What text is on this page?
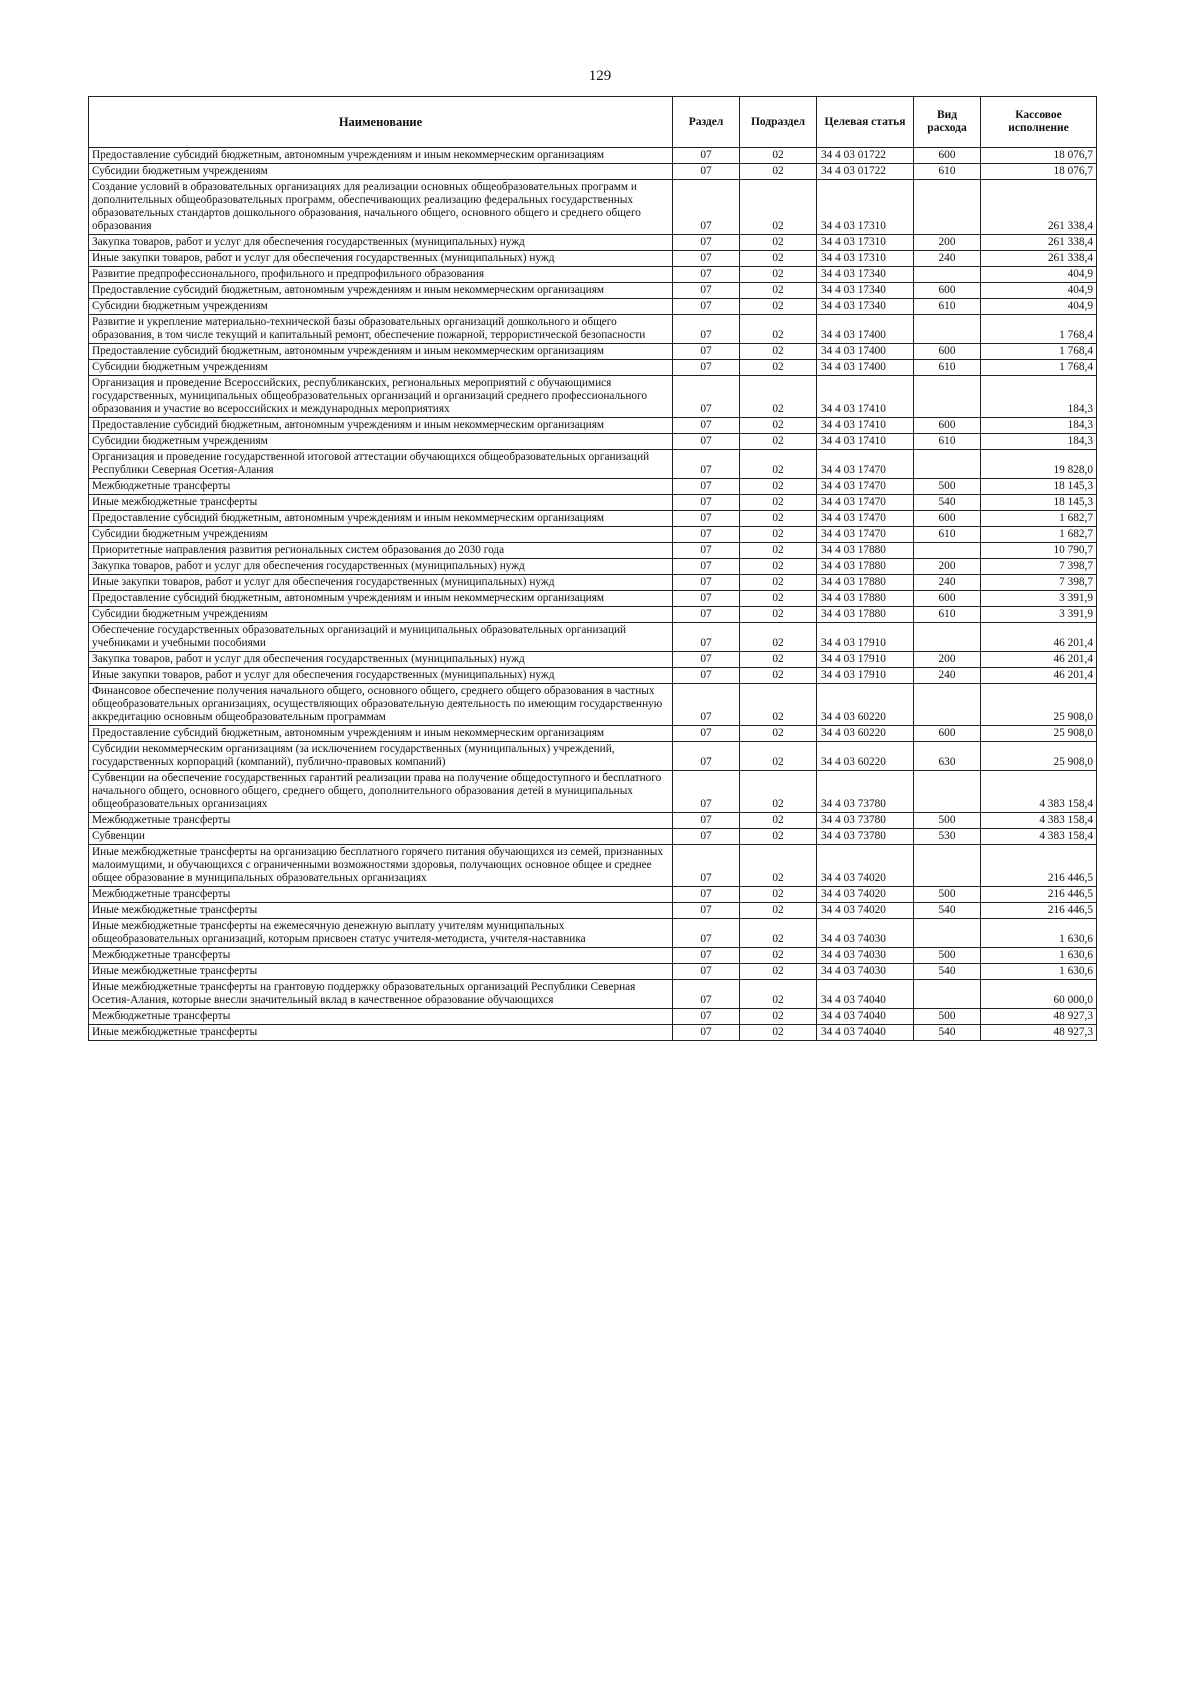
129
Наименование	Раздел	Подраздел	Целевая статья	Вид расхода	Кассовое исполнение
Предоставление субсидий бюджетным, автономным учреждениям и иным некоммерческим организациям	07	02	34 4 03 01722	600	18 076,7
Субсидии бюджетным учреждениям	07	02	34 4 03 01722	610	18 076,7
Создание условий в образовательных организациях для реализации основных общеобразовательных программ и дополнительных общеобразовательных программ, обеспечивающих реализацию федеральных государственных образовательных стандартов дошкольного образования, начального общего, основного общего и среднего общего образования	07	02	34 4 03 17310		261 338,4
Закупка товаров, работ и услуг для обеспечения государственных (муниципальных) нужд	07	02	34 4 03 17310	200	261 338,4
Иные закупки товаров, работ и услуг для обеспечения государственных (муниципальных) нужд	07	02	34 4 03 17310	240	261 338,4
Развитие предпрофессионального, профильного и предпрофильного образования	07	02	34 4 03 17340		404,9
Предоставление субсидий бюджетным, автономным учреждениям и иным некоммерческим организациям	07	02	34 4 03 17340	600	404,9
Субсидии бюджетным учреждениям	07	02	34 4 03 17340	610	404,9
Развитие и укрепление материально-технической базы образовательных организаций дошкольного и общего образования, в том числе текущий и капитальный ремонт, обеспечение пожарной, террористической безопасности	07	02	34 4 03 17400		1 768,4
Предоставление субсидий бюджетным, автономным учреждениям и иным некоммерческим организациям	07	02	34 4 03 17400	600	1 768,4
Субсидии бюджетным учреждениям	07	02	34 4 03 17400	610	1 768,4
Организация и проведение Всероссийских, республиканских, региональных мероприятий с обучающимися государственных, муниципальных общеобразовательных организаций и организаций среднего профессионального образования и участие во всероссийских и международных мероприятиях	07	02	34 4 03 17410		184,3
Предоставление субсидий бюджетным, автономным учреждениям и иным некоммерческим организациям	07	02	34 4 03 17410	600	184,3
Субсидии бюджетным учреждениям	07	02	34 4 03 17410	610	184,3
Организация и проведение государственной итоговой аттестации обучающихся общеобразовательных организаций Республики Северная Осетия-Алания	07	02	34 4 03 17470		19 828,0
Межбюджетные трансферты	07	02	34 4 03 17470	500	18 145,3
Иные межбюджетные трансферты	07	02	34 4 03 17470	540	18 145,3
Предоставление субсидий бюджетным, автономным учреждениям и иным некоммерческим организациям	07	02	34 4 03 17470	600	1 682,7
Субсидии бюджетным учреждениям	07	02	34 4 03 17470	610	1 682,7
Приоритетные направления развития региональных систем образования до 2030 года	07	02	34 4 03 17880		10 790,7
Закупка товаров, работ и услуг для обеспечения государственных (муниципальных) нужд	07	02	34 4 03 17880	200	7 398,7
Иные закупки товаров, работ и услуг для обеспечения государственных (муниципальных) нужд	07	02	34 4 03 17880	240	7 398,7
Предоставление субсидий бюджетным, автономным учреждениям и иным некоммерческим организациям	07	02	34 4 03 17880	600	3 391,9
Субсидии бюджетным учреждениям	07	02	34 4 03 17880	610	3 391,9
Обеспечение государственных образовательных организаций и муниципальных образовательных организаций учебниками и учебными пособиями	07	02	34 4 03 17910		46 201,4
Закупка товаров, работ и услуг для обеспечения государственных (муниципальных) нужд	07	02	34 4 03 17910	200	46 201,4
Иные закупки товаров, работ и услуг для обеспечения государственных (муниципальных) нужд	07	02	34 4 03 17910	240	46 201,4
Финансовое обеспечение получения начального общего, основного общего, среднего общего образования в частных общеобразовательных организациях, осуществляющих образовательную деятельность по имеющим государственную аккредитацию основным общеобразовательным программам	07	02	34 4 03 60220		25 908,0
Предоставление субсидий бюджетным, автономным учреждениям и иным некоммерческим организациям	07	02	34 4 03 60220	600	25 908,0
Субсидии некоммерческим организациям (за исключением государственных (муниципальных) учреждений, государственных корпораций (компаний), публично-правовых компаний)	07	02	34 4 03 60220	630	25 908,0
Субвенции на обеспечение государственных гарантий реализации права на получение общедоступного и бесплатного начального общего, основного общего, среднего общего, дополнительного образования детей в муниципальных общеобразовательных организациях	07	02	34 4 03 73780		4 383 158,4
Межбюджетные трансферты	07	02	34 4 03 73780	500	4 383 158,4
Субвенции	07	02	34 4 03 73780	530	4 383 158,4
Иные межбюджетные трансферты на организацию бесплатного горячего питания обучающихся из семей, признанных малоимущими, и обучающихся с ограниченными возможностями здоровья, получающих основное общее и среднее общее образование в муниципальных образовательных организациях	07	02	34 4 03 74020		216 446,5
Межбюджетные трансферты	07	02	34 4 03 74020	500	216 446,5
Иные межбюджетные трансферты	07	02	34 4 03 74020	540	216 446,5
Иные межбюджетные трансферты на ежемесячную денежную выплату учителям муниципальных общеобразовательных организаций, которым присвоен статус учителя-методиста, учителя-наставника	07	02	34 4 03 74030		1 630,6
Межбюджетные трансферты	07	02	34 4 03 74030	500	1 630,6
Иные межбюджетные трансферты	07	02	34 4 03 74030	540	1 630,6
Иные межбюджетные трансферты на грантовую поддержку образовательных организаций Республики Северная Осетия-Алания, которые внесли значительный вклад в качественное образование обучающихся	07	02	34 4 03 74040		60 000,0
Межбюджетные трансферты	07	02	34 4 03 74040	500	48 927,3
Иные межбюджетные трансферты	07	02	34 4 03 74040	540	48 927,3
